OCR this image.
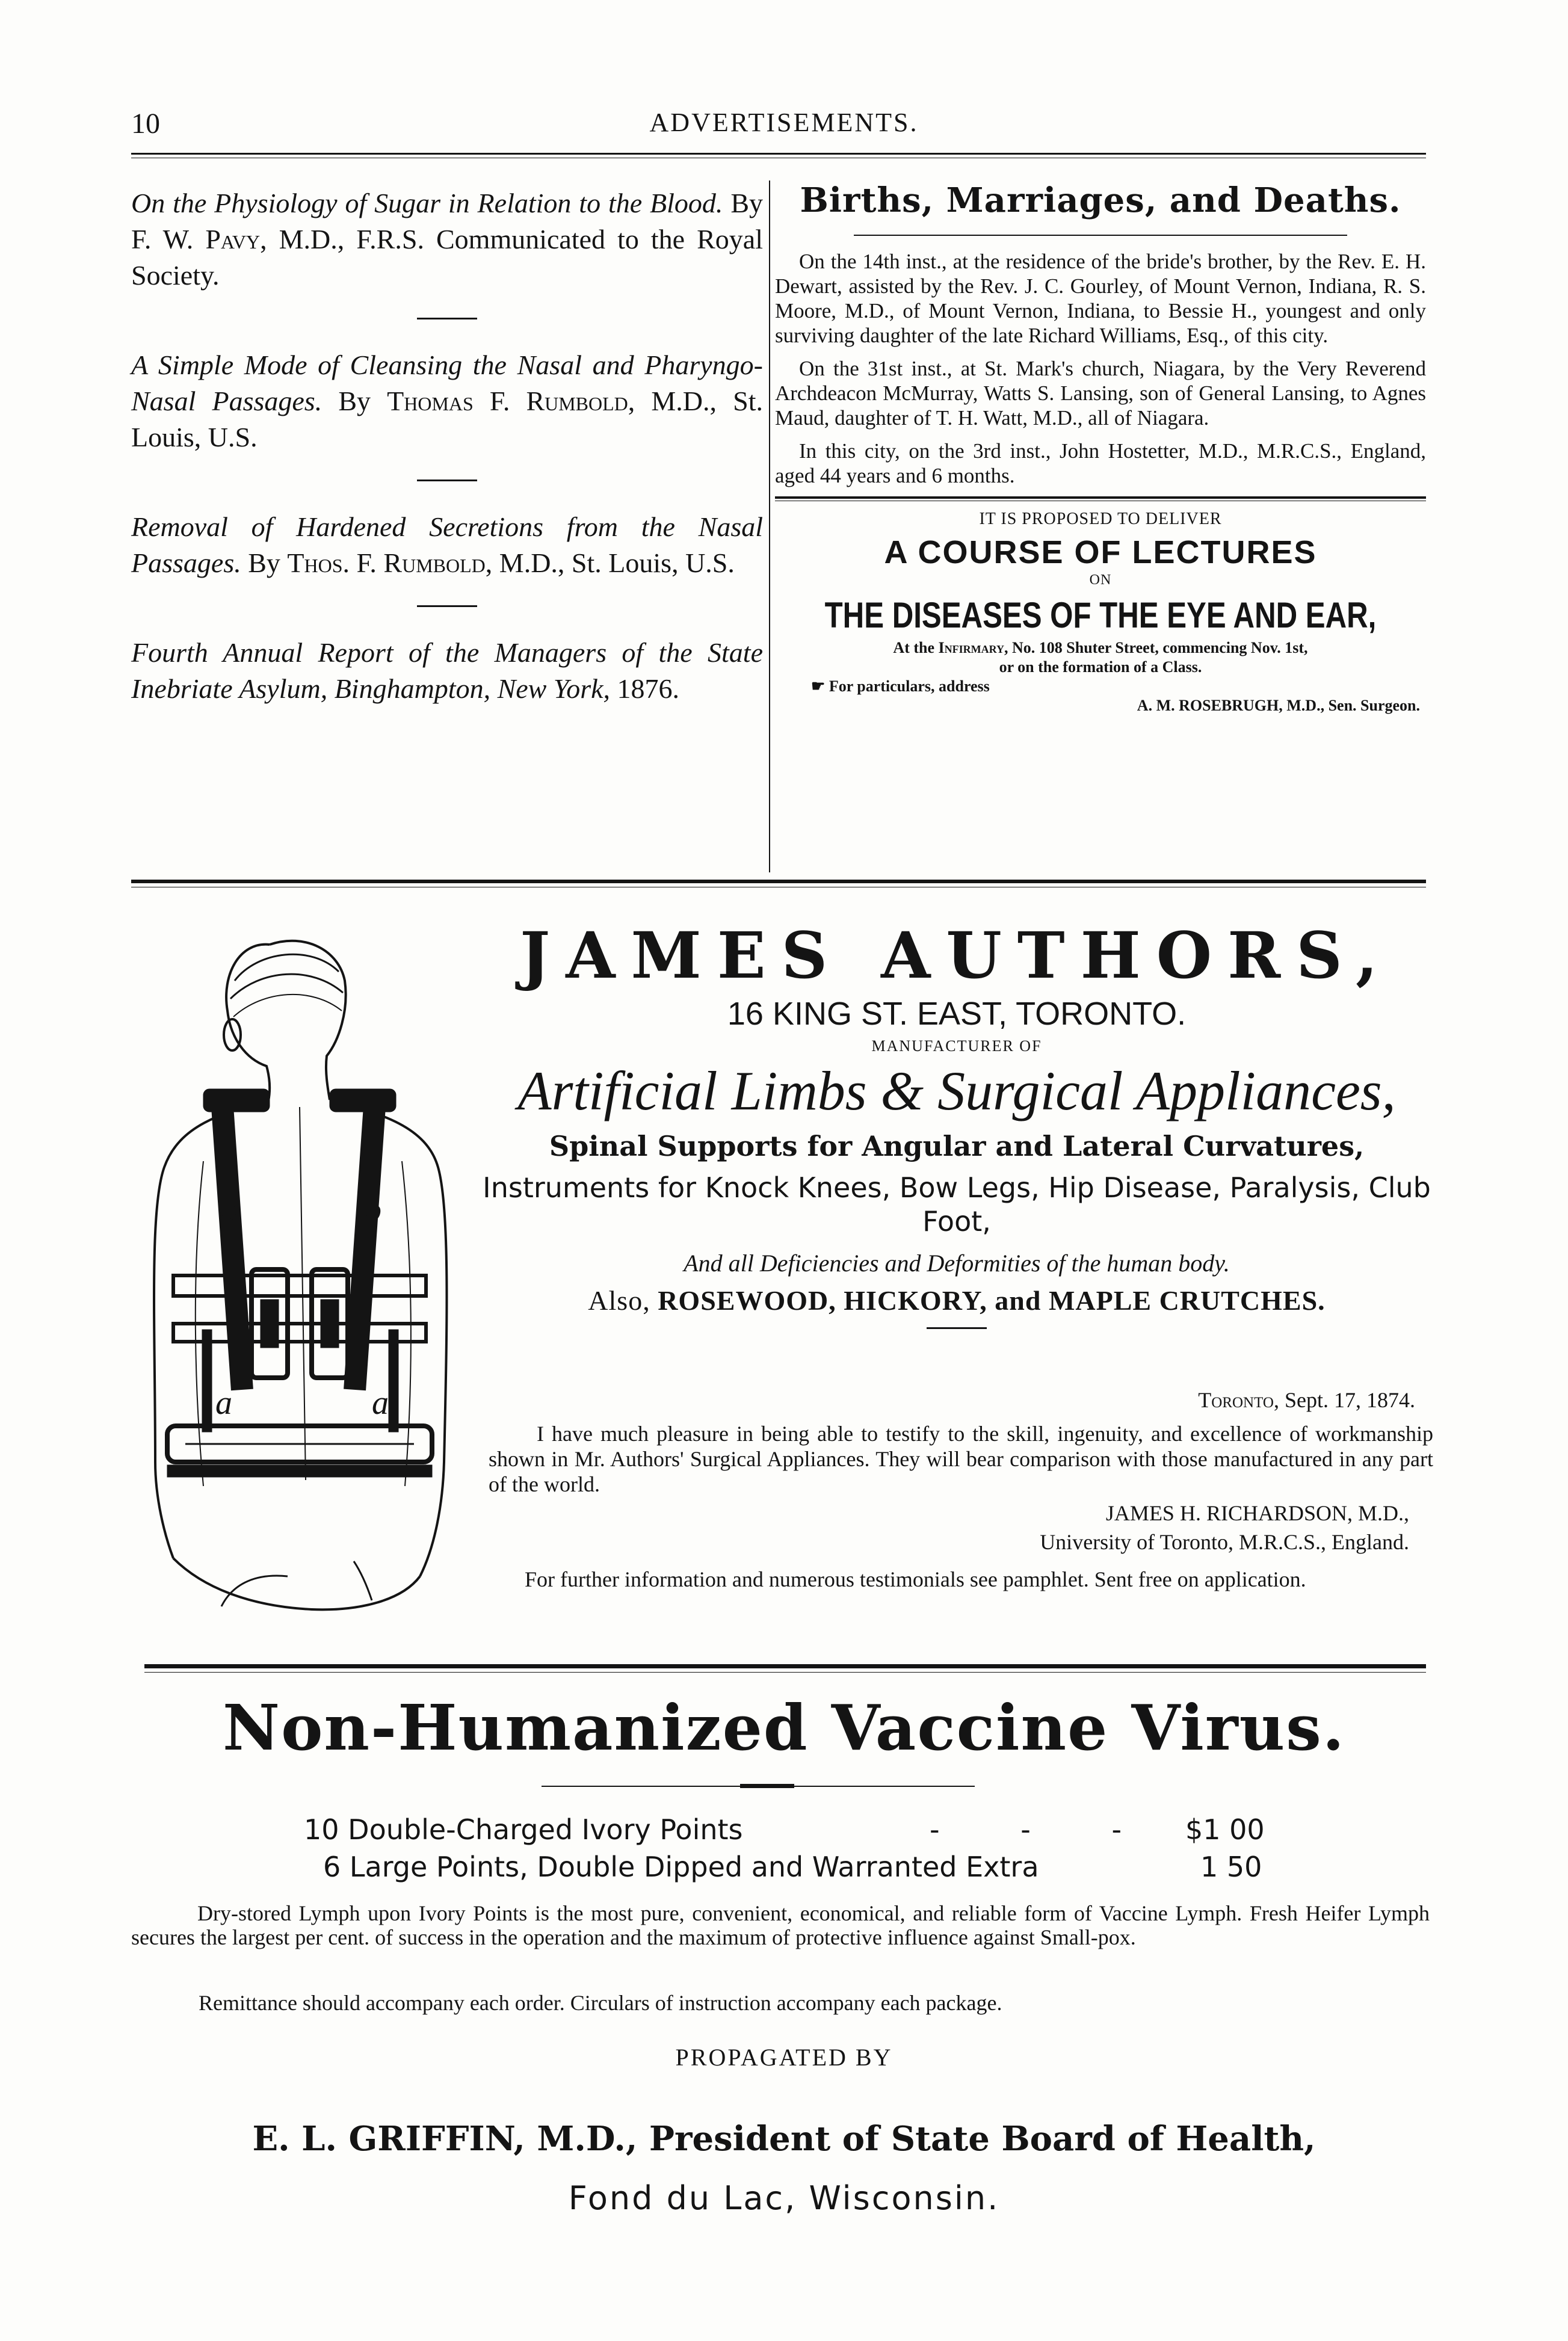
10	ADVERTISEMENTS.

On the Physiology of Sugar in Relation to the Blood. By F. W. Pavy, M.D., F.R.S. Communicated to the Royal Society.

A Simple Mode of Cleansing the Nasal and Pharyngo-Nasal Passages. By Thomas F. Rumbold, M.D., St. Louis, U.S.

Removal of Hardened Secretions from the Nasal Passages. By Thos. F. Rumbold, M.D., St. Louis, U.S.

Fourth Annual Report of the Managers of the State Inebriate Asylum, Binghampton, New York, 1876.

Births, Marriages, and Deaths.

On the 14th inst., at the residence of the bride's brother, by the Rev. E. H. Dewart, assisted by the Rev. J. C. Gourley, of Mount Vernon, Indiana, R. S. Moore, M.D., of Mount Vernon, Indiana, to Bessie H., youngest and only surviving daughter of the late Richard Williams, Esq., of this city.

On the 31st inst., at St. Mark's church, Niagara, by the Very Reverend Archdeacon McMurray, Watts S. Lansing, son of General Lansing, to Agnes Maud, daughter of T. H. Watt, M.D., all of Niagara.

In this city, on the 3rd inst., John Hostetter, M.D., M.R.C.S., England, aged 44 years and 6 months.

IT IS PROPOSED TO DELIVER
A COURSE OF LECTURES
ON
THE DISEASES OF THE EYE AND EAR,
At the Infirmary, No. 108 Shuter Street, commencing Nov. 1st,
or on the formation of a Class.
☛ For particulars, address
A. M. ROSEBRUGH, M.D., Sen. Surgeon.
b	b
a	a
JAMES AUTHORS,
16 KING ST. EAST, TORONTO.
MANUFACTURER OF
Artificial Limbs & Surgical Appliances,
Spinal Supports for Angular and Lateral Curvatures,
Instruments for Knock Knees, Bow Legs, Hip Disease, Paralysis, Club Foot,
And all Deficiencies and Deformities of the human body.
Also, ROSEWOOD, HICKORY, and MAPLE CRUTCHES.
Toronto, Sept. 17, 1874.
I have much pleasure in being able to testify to the skill, ingenuity, and excellence of workmanship shown in Mr. Authors' Surgical Appliances. They will bear comparison with those manufactured in any part of the world.
JAMES H. RICHARDSON, M.D.,
University of Toronto, M.R.C.S., England.
For further information and numerous testimonials see pamphlet. Sent free on application.
Non-Humanized Vaccine Virus.
10 Double-Charged Ivory Points	- - - $1 00
6 Large Points, Double Dipped and Warranted Extra	1 50
Dry-stored Lymph upon Ivory Points is the most pure, convenient, economical, and reliable form of Vaccine Lymph. Fresh Heifer Lymph secures the largest per cent. of success in the operation and the maximum of protective influence against Small-pox.
Remittance should accompany each order. Circulars of instruction accompany each package.
PROPAGATED BY
E. L. GRIFFIN, M.D., President of State Board of Health,
Fond du Lac, Wisconsin.
